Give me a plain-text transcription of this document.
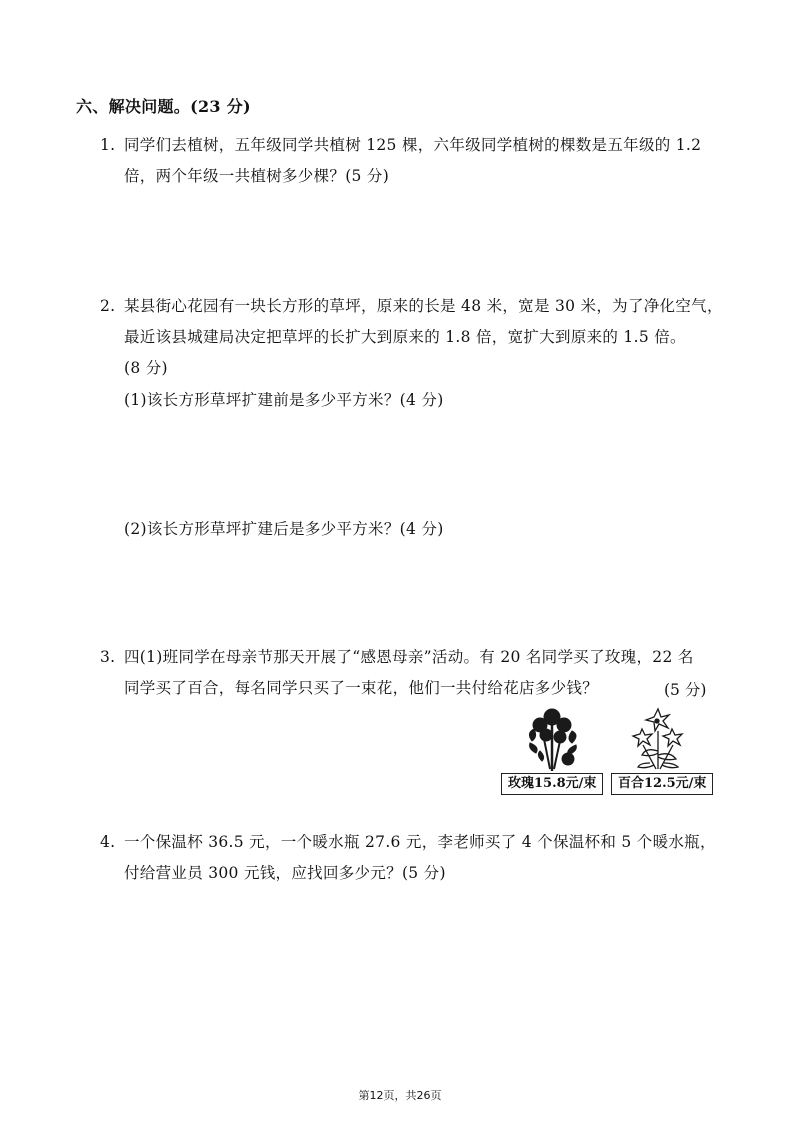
六、解决问题。(23 分)
1. 同学们去植树，五年级同学共植树 125 棵，六年级同学植树的棵数是五年级的 1.2
倍，两个年级一共植树多少棵？(5 分)
2. 某县街心花园有一块长方形的草坪，原来的长是 48 米，宽是 30 米，为了净化空气，
最近该县城建局决定把草坪的长扩大到原来的 1.8 倍，宽扩大到原来的 1.5 倍。
(8 分)
(1)该长方形草坪扩建前是多少平方米？(4 分)
(2)该长方形草坪扩建后是多少平方米？(4 分)
3. 四(1)班同学在母亲节那天开展了“感恩母亲”活动。有 20 名同学买了玫瑰，22 名
同学买了百合，每名同学只买了一束花，他们一共付给花店多少钱？	(5 分)
玫瑰15.8元/束	百合12.5元/束
4. 一个保温杯 36.5 元，一个暖水瓶 27.6 元，李老师买了 4 个保温杯和 5 个暖水瓶，
付给营业员 300 元钱，应找回多少元？(5 分)
第12页，共26页
